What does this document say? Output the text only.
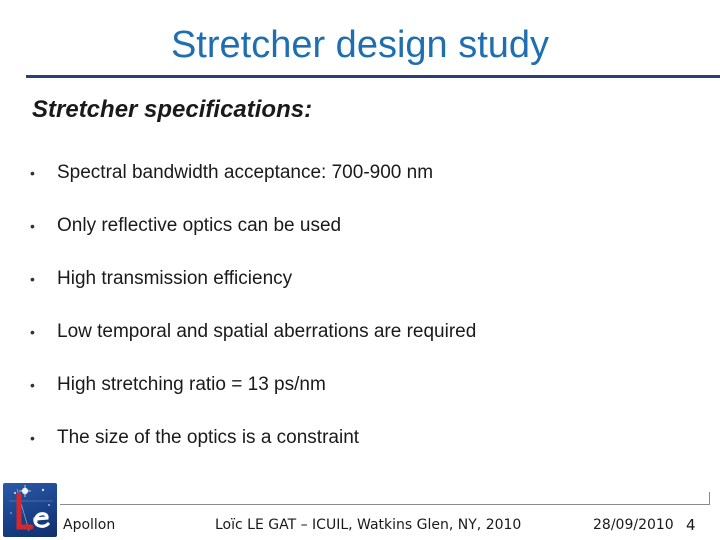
Stretcher design study
Stretcher specifications:
•	Spectral bandwidth acceptance: 700-900 nm
•	Only reflective optics can be used
•	High transmission efficiency
•	Low temporal and spatial aberrations are required
•	High stretching ratio = 13 ps/nm
•	The size of the optics is a constraint
Apollon	Loïc LE GAT – ICUIL, Watkins Glen, NY, 2010	28/09/2010 4
